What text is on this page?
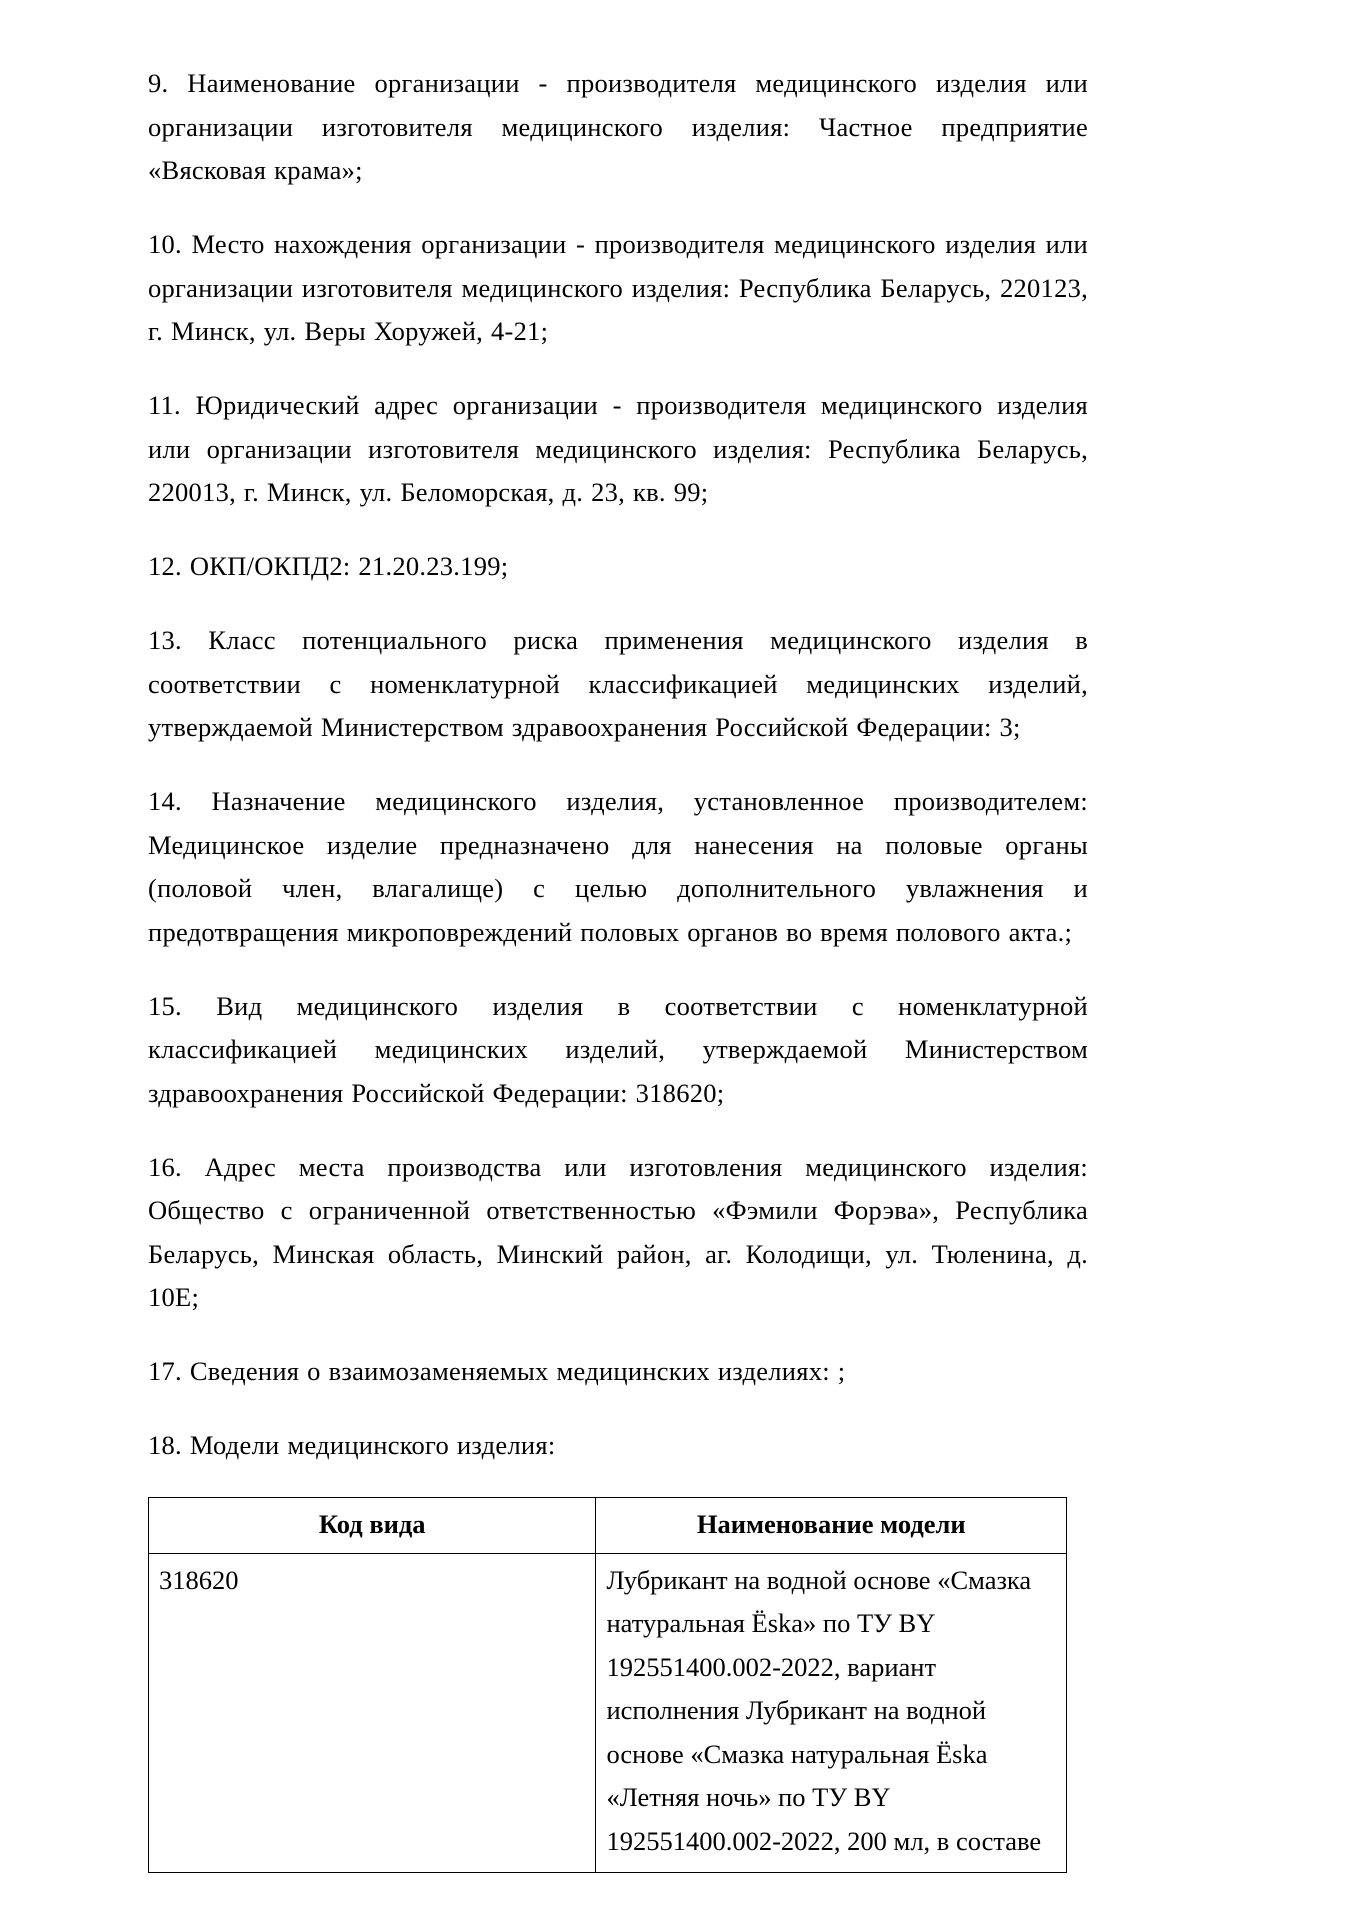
9. Наименование организации - производителя медицинского изделия или организации изготовителя медицинского изделия: Частное предприятие «Вясковая крама»;

10. Место нахождения организации - производителя медицинского изделия или организации изготовителя медицинского изделия: Республика Беларусь, 220123, г. Минск, ул. Веры Хоружей, 4-21;

11. Юридический адрес организации - производителя медицинского изделия или организации изготовителя медицинского изделия: Республика Беларусь, 220013, г. Минск, ул. Беломорская, д. 23, кв. 99;

12. ОКП/ОКПД2: 21.20.23.199;

13. Класс потенциального риска применения медицинского изделия в соответствии с номенклатурной классификацией медицинских изделий, утверждаемой Министерством здравоохранения Российской Федерации: 3;

14. Назначение медицинского изделия, установленное производителем: Медицинское изделие предназначено для нанесения на половые органы (половой член, влагалище) с целью дополнительного увлажнения и предотвращения микроповреждений половых органов во время полового акта.;

15. Вид медицинского изделия в соответствии с номенклатурной классификацией медицинских изделий, утверждаемой Министерством здравоохранения Российской Федерации: 318620;

16. Адрес места производства или изготовления медицинского изделия: Общество с ограниченной ответственностью «Фэмили Форэва», Республика Беларусь, Минская область, Минский район, аг. Колодищи, ул. Тюленина, д. 10Е;

17. Сведения о взаимозаменяемых медицинских изделиях: ;

18. Модели медицинского изделия:

Код вида	Наименование модели
318620	Лубрикант на водной основе «Смазка натуральная Ёska» по ТУ BY 192551400.002-2022, вариант исполнения Лубрикант на водной основе «Смазка натуральная Ёska «Летняя ночь» по ТУ BY 192551400.002-2022, 200 мл, в составе
